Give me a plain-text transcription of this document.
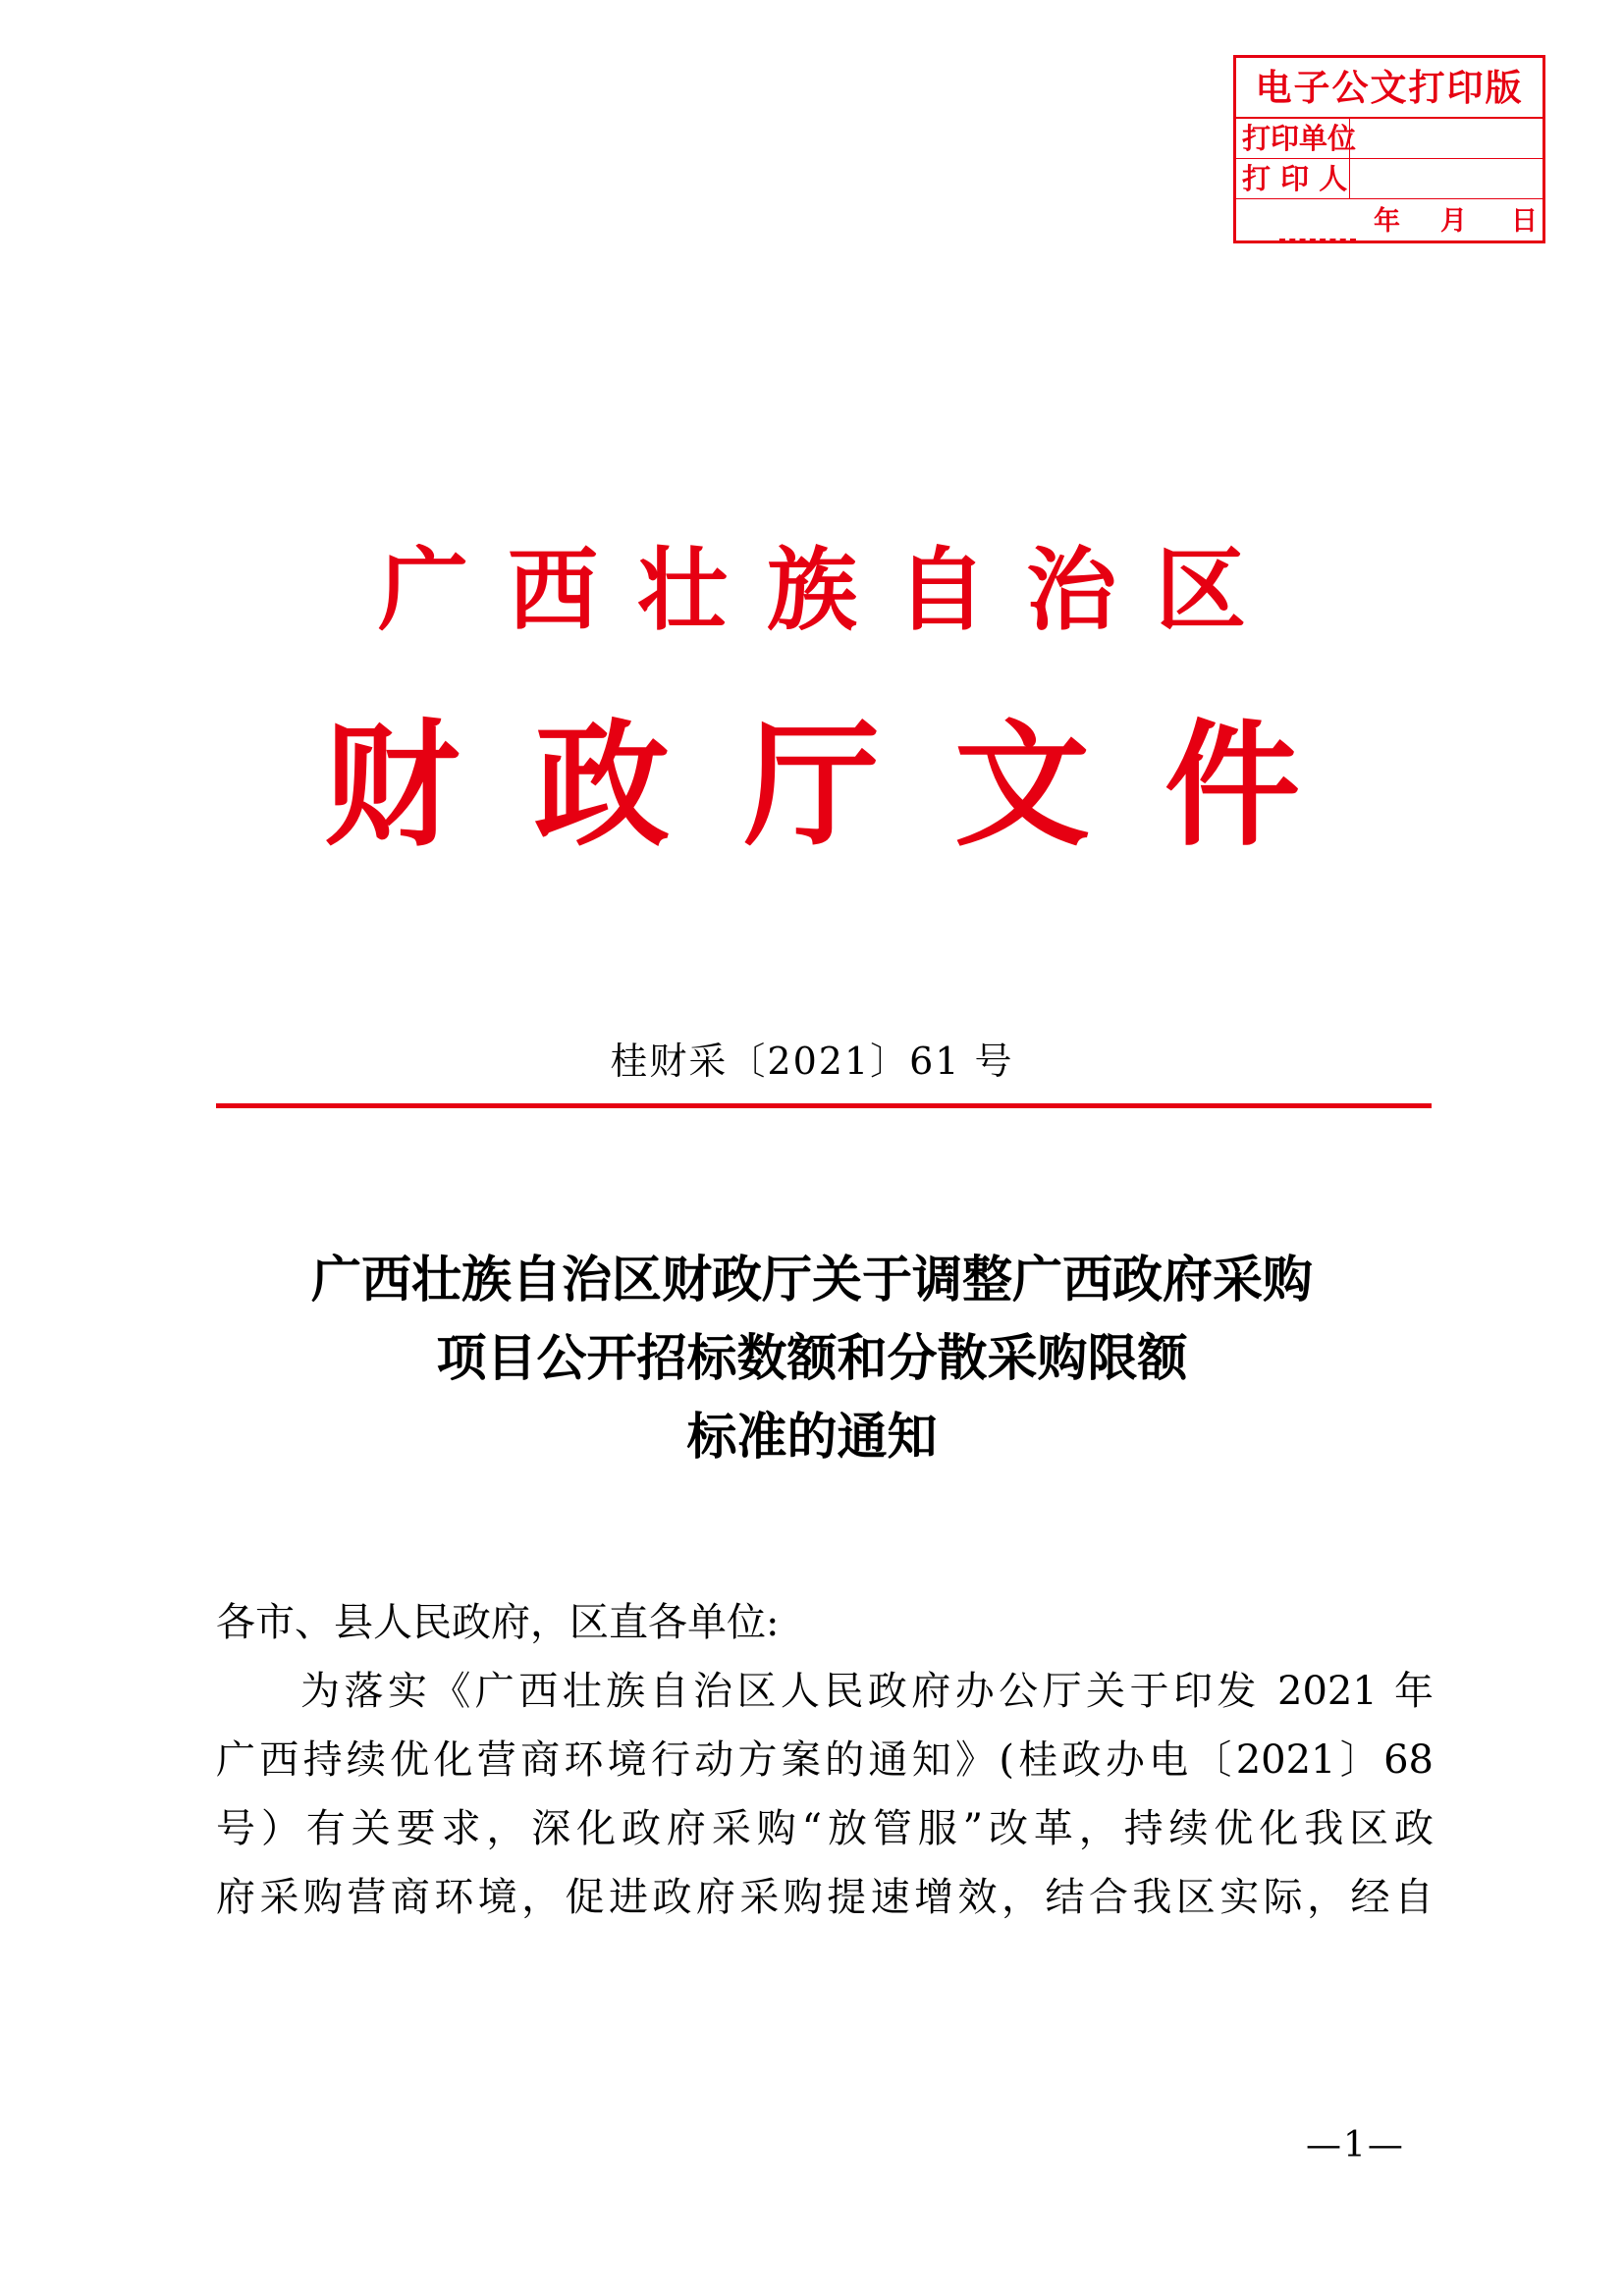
电子公文打印版
打印单位
打 印 人
年 月 日
广西壮族自治区
财政厅文件
桂财采〔2021〕61 号
广西壮族自治区财政厅关于调整广西政府采购
项目公开招标数额和分散采购限额
标准的通知
各市、县人民政府，区直各单位:
为落实《广西壮族自治区人民政府办公厅关于印发 2021 年
广西持续优化营商环境行动方案的通知》(桂政办电〔2021〕68
号）有关要求，深化政府采购“放管服”改革，持续优化我区政
府采购营商环境，促进政府采购提速增效，结合我区实际，经自
—1—
